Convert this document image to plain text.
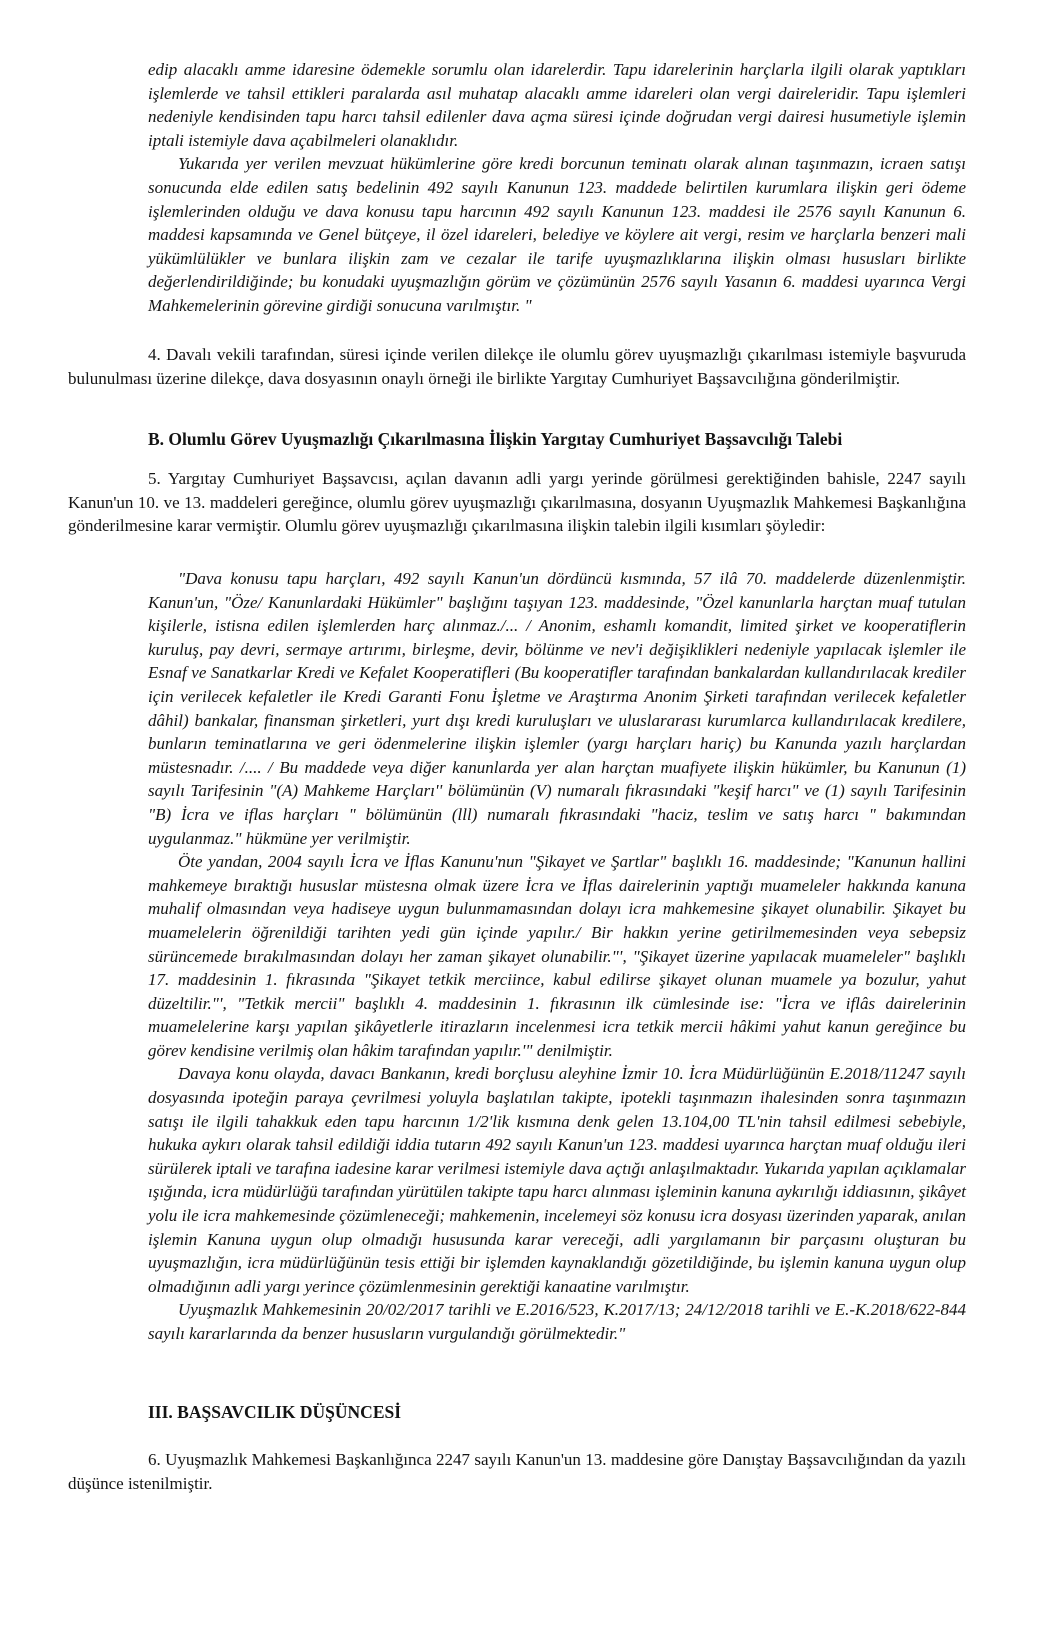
edip alacaklı amme idaresine ödemekle sorumlu olan idarelerdir. Tapu idarelerinin harçlarla ilgili olarak yaptıkları işlemlerde ve tahsil ettikleri paralarda asıl muhatap alacaklı amme idareleri olan vergi daireleridir. Tapu işlemleri nedeniyle kendisinden tapu harcı tahsil edilenler dava açma süresi içinde doğrudan vergi dairesi husumetiyle işlemin iptali istemiyle dava açabilmeleri olanaklıdır.

Yukarıda yer verilen mevzuat hükümlerine göre kredi borcunun teminatı olarak alınan taşınmazın, icraen satışı sonucunda elde edilen satış bedelinin 492 sayılı Kanunun 123. maddede belirtilen kurumlara ilişkin geri ödeme işlemlerinden olduğu ve dava konusu tapu harcının 492 sayılı Kanunun 123. maddesi ile 2576 sayılı Kanunun 6. maddesi kapsamında ve Genel bütçeye, il özel idareleri, belediye ve köylere ait vergi, resim ve harçlarla benzeri mali yükümlülükler ve bunlara ilişkin zam ve cezalar ile tarife uyuşmazlıklarına ilişkin olması hususları birlikte değerlendirildiğinde; bu konudaki uyuşmazlığın görüm ve çözümünün 2576 sayılı Yasanın 6. maddesi uyarınca Vergi Mahkemelerinin görevine girdiği sonucuna varılmıştır. "

4. Davalı vekili tarafından, süresi içinde verilen dilekçe ile olumlu görev uyuşmazlığı çıkarılması istemiyle başvuruda bulunulması üzerine dilekçe, dava dosyasının onaylı örneği ile birlikte Yargıtay Cumhuriyet Başsavcılığına gönderilmiştir.

B. Olumlu Görev Uyuşmazlığı Çıkarılmasına İlişkin Yargıtay Cumhuriyet Başsavcılığı Talebi

5. Yargıtay Cumhuriyet Başsavcısı, açılan davanın adli yargı yerinde görülmesi gerektiğinden bahisle, 2247 sayılı Kanun'un 10. ve 13. maddeleri gereğince, olumlu görev uyuşmazlığı çıkarılmasına, dosyanın Uyuşmazlık Mahkemesi Başkanlığına gönderilmesine karar vermiştir. Olumlu görev uyuşmazlığı çıkarılmasına ilişkin talebin ilgili kısımları şöyledir:

"Dava konusu tapu harçları, 492 sayılı Kanun'un dördüncü kısmında, 57 ilâ 70. maddelerde düzenlenmiştir. Kanun'un, "Öze/ Kanunlardaki Hükümler" başlığını taşıyan 123. maddesinde, "Özel kanunlarla harçtan muaf tutulan kişilerle, istisna edilen işlemlerden harç alınmaz./... / Anonim, eshamlı komandit, limited şirket ve kooperatiflerin kuruluş, pay devri, sermaye artırımı, birleşme, devir, bölünme ve nev'i değişiklikleri nedeniyle yapılacak işlemler ile Esnaf ve Sanatkarlar Kredi ve Kefalet Kooperatifleri (Bu kooperatifler tarafından bankalardan kullandırılacak krediler için verilecek kefaletler ile Kredi Garanti Fonu İşletme ve Araştırma Anonim Şirketi tarafından verilecek kefaletler dâhil) bankalar, finansman şirketleri, yurt dışı kredi kuruluşları ve uluslararası kurumlarca kullandırılacak kredilere, bunların teminatlarına ve geri ödenmelerine ilişkin işlemler (yargı harçları hariç) bu Kanunda yazılı harçlardan müstesnadır. /.... / Bu maddede veya diğer kanunlarda yer alan harçtan muafiyete ilişkin hükümler, bu Kanunun (1) sayılı Tarifesinin "(A) Mahkeme Harçları'' bölümünün (V) numaralı fıkrasındaki "keşif harcı" ve (1) sayılı Tarifesinin "B) İcra ve iflas harçları " bölümünün (lll) numaralı fıkrasındaki "haciz, teslim ve satış harcı " bakımından uygulanmaz." hükmüne yer verilmiştir.

Öte yandan, 2004 sayılı İcra ve İflas Kanunu'nun "Şikayet ve Şartlar" başlıklı 16. maddesinde; "Kanunun hallini mahkemeye bıraktığı hususlar müstesna olmak üzere İcra ve İflas dairelerinin yaptığı muameleler hakkında kanuna muhalif olmasından veya hadiseye uygun bulunmamasından dolayı icra mahkemesine şikayet olunabilir. Şikayet bu muamelelerin öğrenildiği tarihten yedi gün içinde yapılır./ Bir hakkın yerine getirilmemesinden veya sebepsiz sürüncemede bırakılmasından dolayı her zaman şikayet olunabilir."', "Şikayet üzerine yapılacak muameleler" başlıklı 17. maddesinin 1. fıkrasında "Şikayet tetkik merciince, kabul edilirse şikayet olunan muamele ya bozulur, yahut düzeltilir."', "Tetkik mercii" başlıklı 4. maddesinin 1. fıkrasının ilk cümlesinde ise: "İcra ve iflâs dairelerinin muamelelerine karşı yapılan şikâyetlerle itirazların incelenmesi icra tetkik mercii hâkimi yahut kanun gereğince bu görev kendisine verilmiş olan hâkim tarafından yapılır.'" denilmiştir.

Davaya konu olayda, davacı Bankanın, kredi borçlusu aleyhine İzmir 10. İcra Müdürlüğünün E.2018/11247 sayılı dosyasında ipoteğin paraya çevrilmesi yoluyla başlatılan takipte, ipotekli taşınmazın ihalesinden sonra taşınmazın satışı ile ilgili tahakkuk eden tapu harcının 1/2'lik kısmına denk gelen 13.104,00 TL'nin tahsil edilmesi sebebiyle, hukuka aykırı olarak tahsil edildiği iddia tutarın 492 sayılı Kanun'un 123. maddesi uyarınca harçtan muaf olduğu ileri sürülerek iptali ve tarafına iadesine karar verilmesi istemiyle dava açtığı anlaşılmaktadır. Yukarıda yapılan açıklamalar ışığında, icra müdürlüğü tarafından yürütülen takipte tapu harcı alınması işleminin kanuna aykırılığı iddiasının, şikâyet yolu ile icra mahkemesinde çözümleneceği; mahkemenin, incelemeyi söz konusu icra dosyası üzerinden yaparak, anılan işlemin Kanuna uygun olup olmadığı hususunda karar vereceği, adli yargılamanın bir parçasını oluşturan bu uyuşmazlığın, icra müdürlüğünün tesis ettiği bir işlemden kaynaklandığı gözetildiğinde, bu işlemin kanuna uygun olup olmadığının adli yargı yerince çözümlenmesinin gerektiği kanaatine varılmıştır.

Uyuşmazlık Mahkemesinin 20/02/2017 tarihli ve E.2016/523, K.2017/13; 24/12/2018 tarihli ve E.-K.2018/622-844 sayılı kararlarında da benzer hususların vurgulandığı görülmektedir."

III. BAŞSAVCILIK DÜŞÜNCESİ

6. Uyuşmazlık Mahkemesi Başkanlığınca 2247 sayılı Kanun'un 13. maddesine göre Danıştay Başsavcılığından da yazılı düşünce istenilmiştir.
